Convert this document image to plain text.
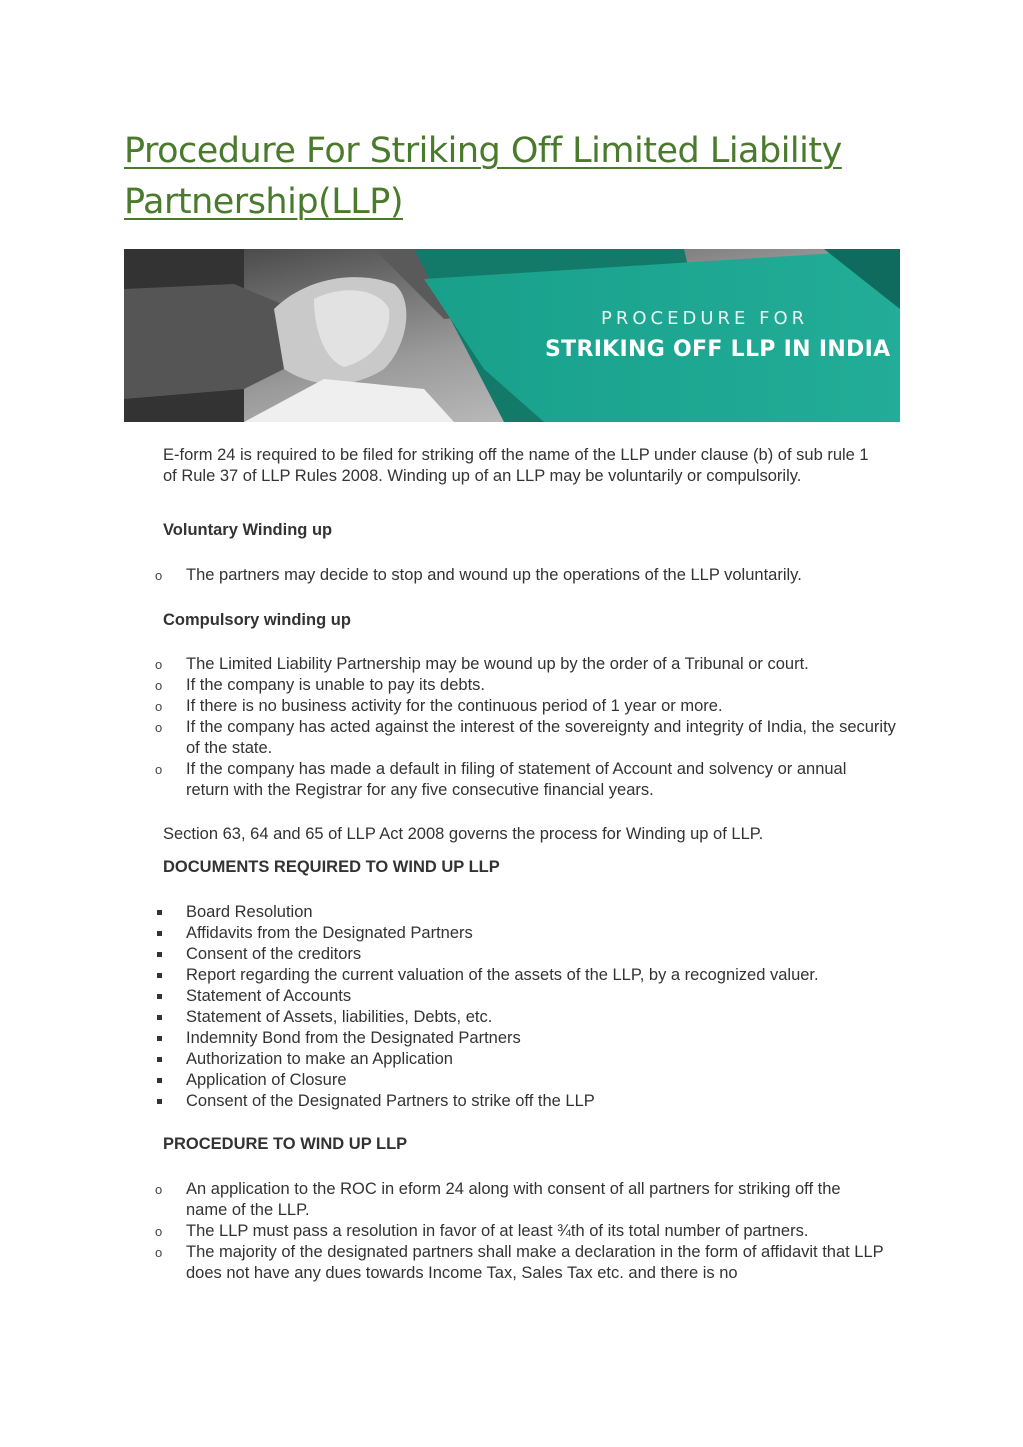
Procedure For Striking Off Limited Liability Partnership(LLP)
PROCEDURE FOR
STRIKING OFF LLP IN INDIA

E-form 24 is required to be filed for striking off the name of the LLP under clause (b) of sub rule 1 of Rule 37 of LLP Rules 2008. Winding up of an LLP may be voluntarily or compulsorily.

Voluntary Winding up

o The partners may decide to stop and wound up the operations of the LLP voluntarily.

Compulsory winding up

o The Limited Liability Partnership may be wound up by the order of a Tribunal or court.
o If the company is unable to pay its debts.
o If there is no business activity for the continuous period of 1 year or more.
o If the company has acted against the interest of the sovereignty and integrity of India, the security of the state.
o If the company has made a default in filing of statement of Account and solvency or annual return with the Registrar for any five consecutive financial years.

Section 63, 64 and 65 of LLP Act 2008 governs the process for Winding up of LLP.

DOCUMENTS REQUIRED TO WIND UP LLP

Board Resolution
Affidavits from the Designated Partners
Consent of the creditors
Report regarding the current valuation of the assets of the LLP, by a recognized valuer.
Statement of Accounts
Statement of Assets, liabilities, Debts, etc.
Indemnity Bond from the Designated Partners
Authorization to make an Application
Application of Closure
Consent of the Designated Partners to strike off the LLP

PROCEDURE TO WIND UP LLP

o An application to the ROC in eform 24 along with consent of all partners for striking off the name of the LLP.
o The LLP must pass a resolution in favor of at least ¾th of its total number of partners.
o The majority of the designated partners shall make a declaration in the form of affidavit that LLP does not have any dues towards Income Tax, Sales Tax etc. and there is no
